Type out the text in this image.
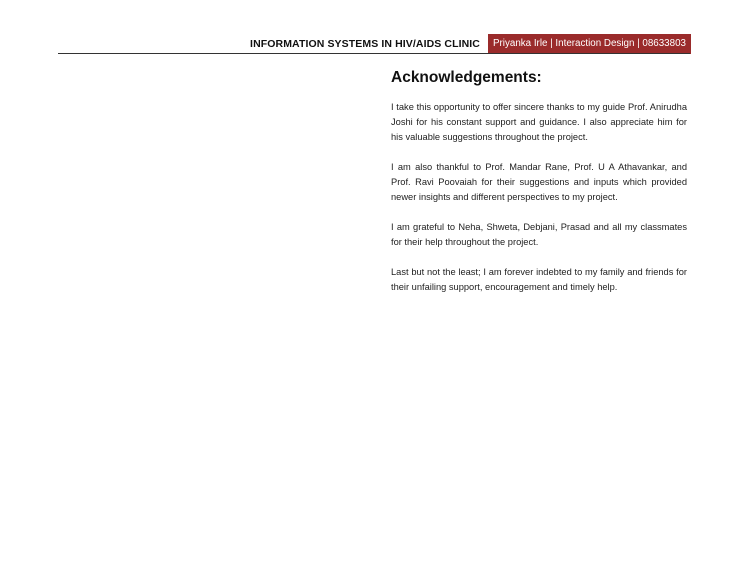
INFORMATION SYSTEMS IN HIV/AIDS CLINIC	Priyanka Irle | Interaction Design | 08633803
Acknowledgements:

I take this opportunity to offer sincere thanks to my guide Prof. Anirudha Joshi for his constant support and guidance. I also appreciate him for his valuable suggestions throughout the project.

I am also thankful to Prof. Mandar Rane, Prof. U A Athavankar, and Prof. Ravi Poovaiah for their suggestions and inputs which provided newer insights and different perspectives to my project.

I am grateful to Neha, Shweta, Debjani, Prasad and all my classmates for their help throughout the project.

Last but not the least; I am forever indebted to my family and friends for their unfailing support, encouragement and timely help.
